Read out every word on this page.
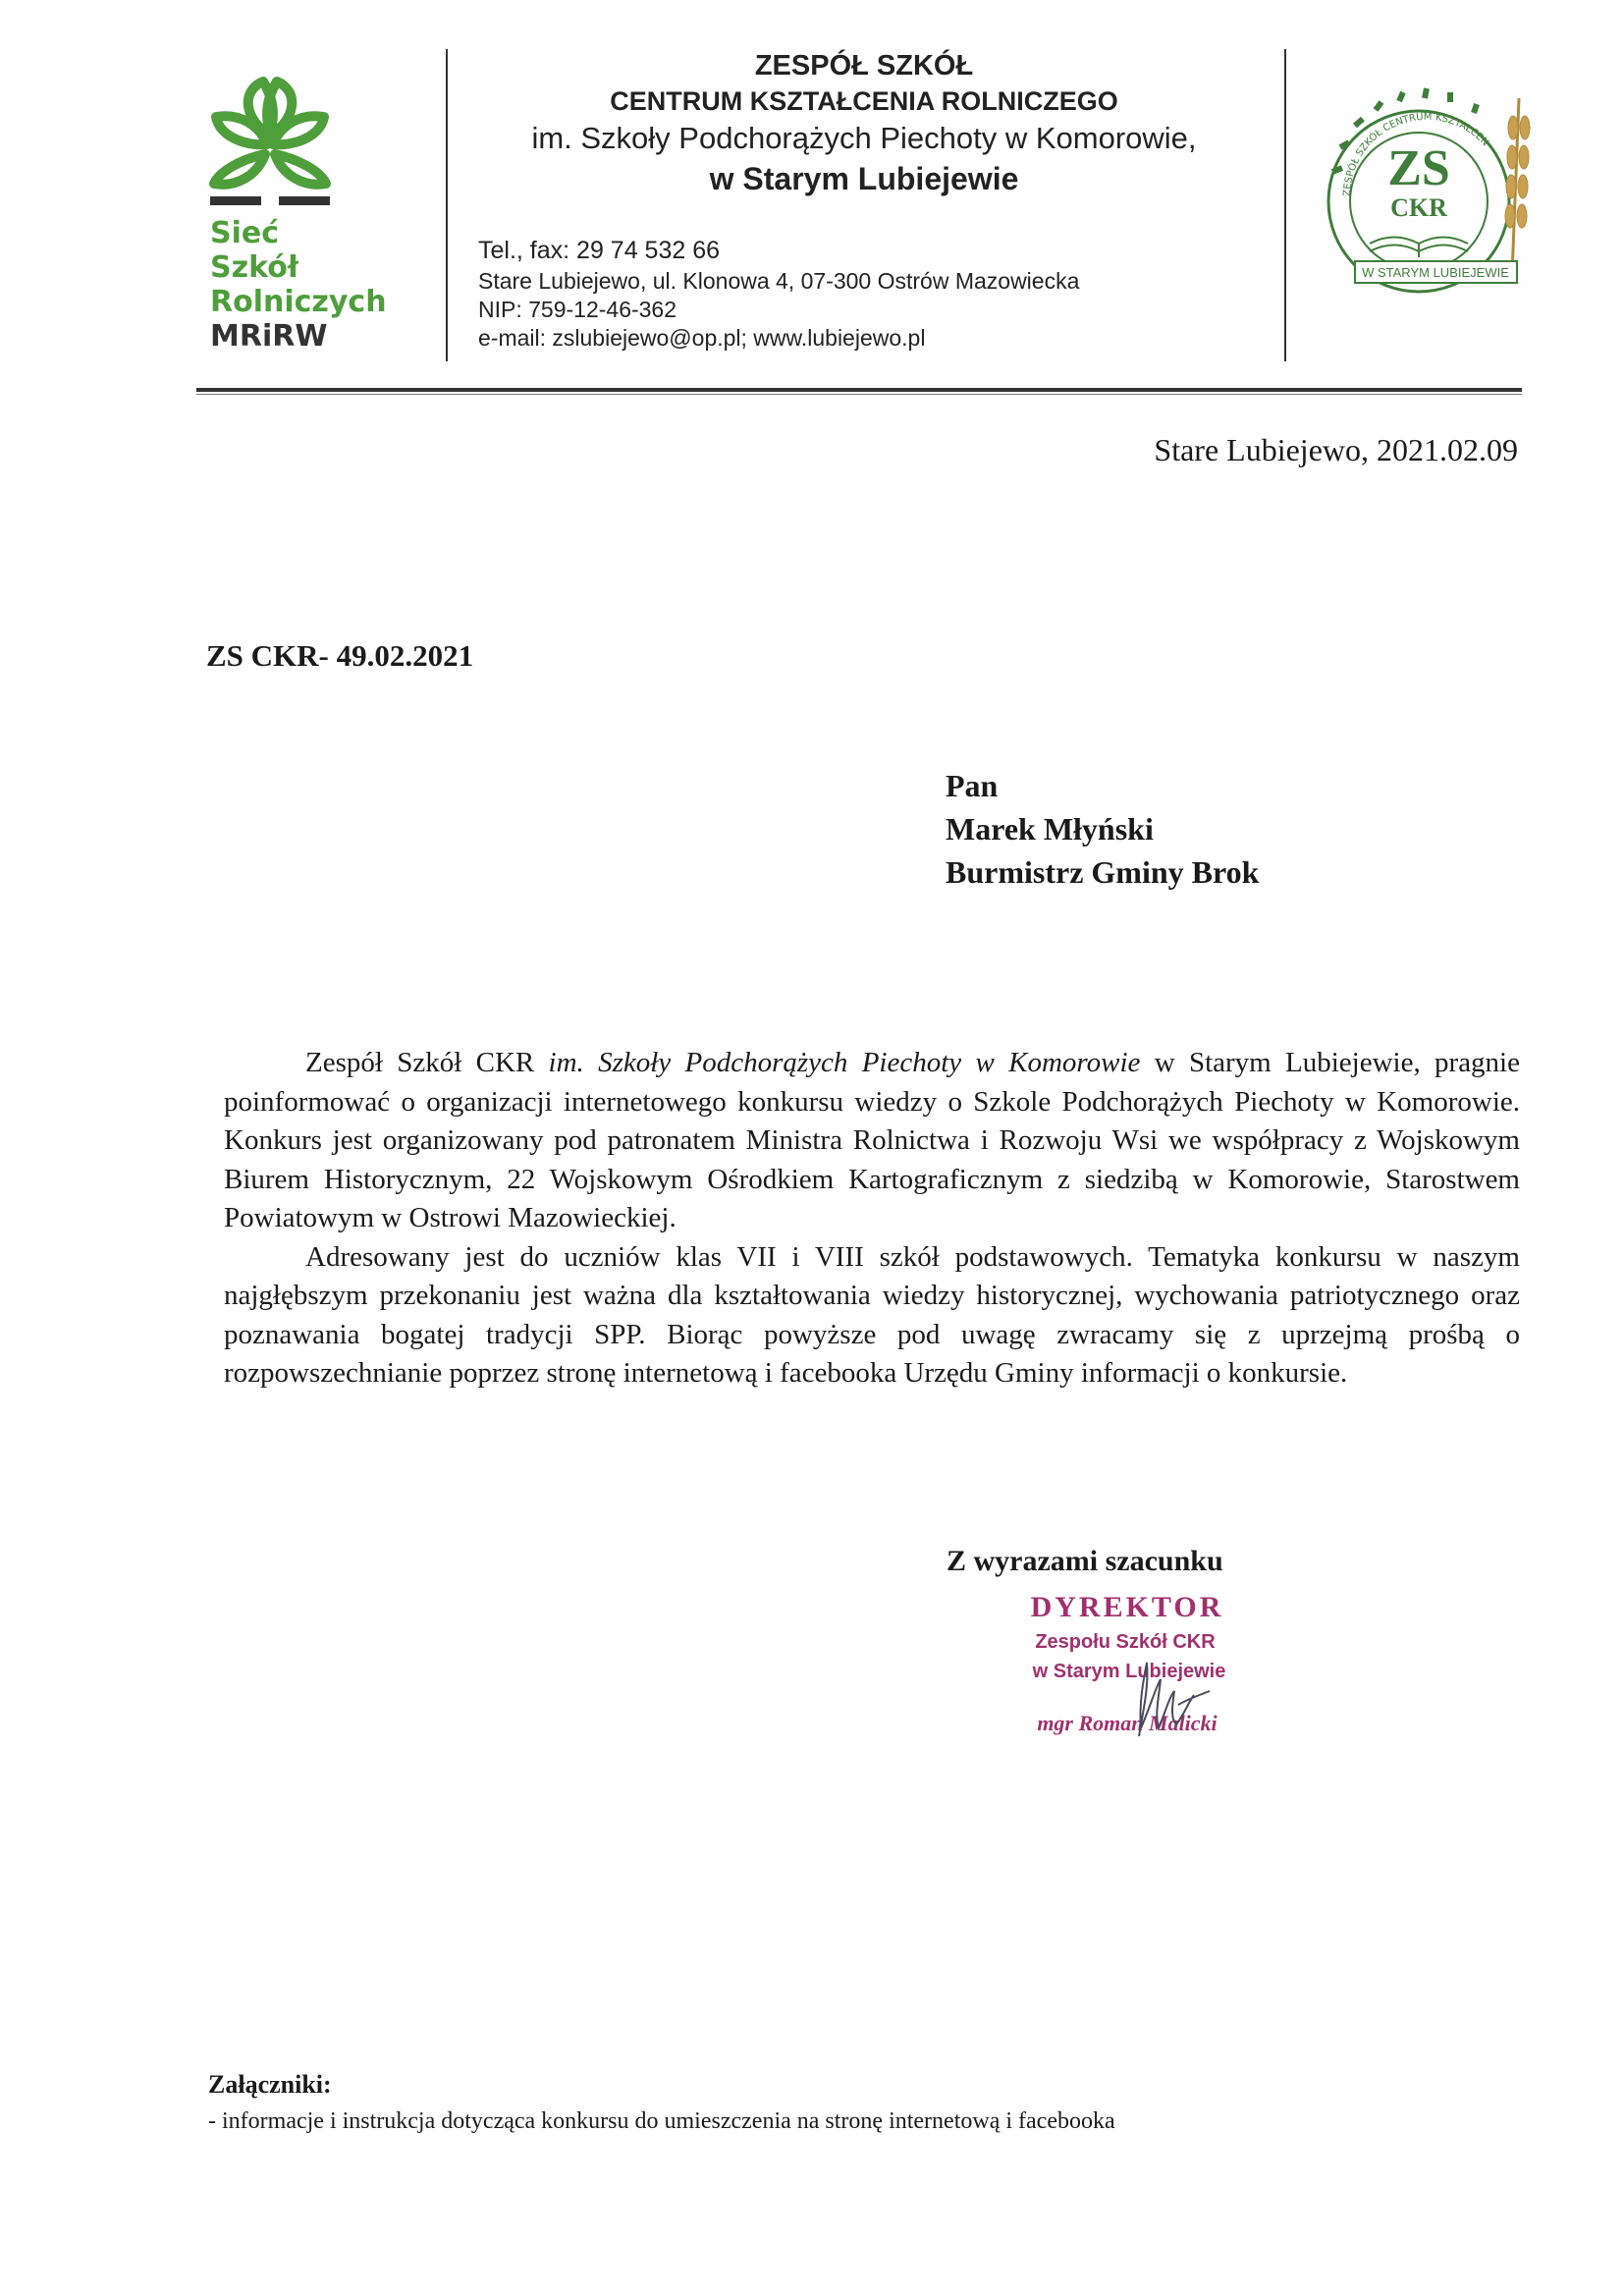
Sieć
Szkół
Rolniczych
MRiRW
ZESPÓŁ SZKÓŁ
CENTRUM KSZTAŁCENIA ROLNICZEGO
im. Szkoły Podchorążych Piechoty w Komorowie,
w Starym Lubiejewie
Tel., fax: 29 74 532 66
Stare Lubiejewo, ul. Klonowa 4, 07-300 Ostrów Mazowiecka
NIP: 759-12-46-362
e-mail: zslubiejewo@op.pl; www.lubiejewo.pl
ZESPÓŁ SZKÓŁ CENTRUM KSZTAŁCEN
ZS
CKR
W STARYM LUBIEJEWIE
Stare Lubiejewo, 2021.02.09
ZS CKR- 49.02.2021
Pan
Marek Młyński
Burmistrz Gminy Brok

Zespół Szkół CKR im. Szkoły Podchorążych Piechoty w Komorowie w Starym Lubiejewie, pragnie poinformować o organizacji internetowego konkursu wiedzy o Szkole Podchorążych Piechoty w Komorowie. Konkurs jest organizowany pod patronatem Ministra Rolnictwa i Rozwoju Wsi we współpracy z Wojskowym Biurem Historycznym, 22 Wojskowym Ośrodkiem Kartograficznym z siedzibą w Komorowie, Starostwem Powiatowym w Ostrowi Mazowieckiej.

Adresowany jest do uczniów klas VII i VIII szkół podstawowych. Tematyka konkursu w naszym najgłębszym przekonaniu jest ważna dla kształtowania wiedzy historycznej, wychowania patriotycznego oraz poznawania bogatej tradycji SPP. Biorąc powyższe pod uwagę zwracamy się z uprzejmą prośbą o rozpowszechnianie poprzez stronę internetową i facebooka Urzędu Gminy informacji o konkursie.

Z wyrazami szacunku
DYREKTOR
Zespołu Szkół CKR
w Starym Lubiejewie
mgr Roman Malicki
Załączniki:
- informacje i instrukcja dotycząca konkursu do umieszczenia na stronę internetową i facebooka
